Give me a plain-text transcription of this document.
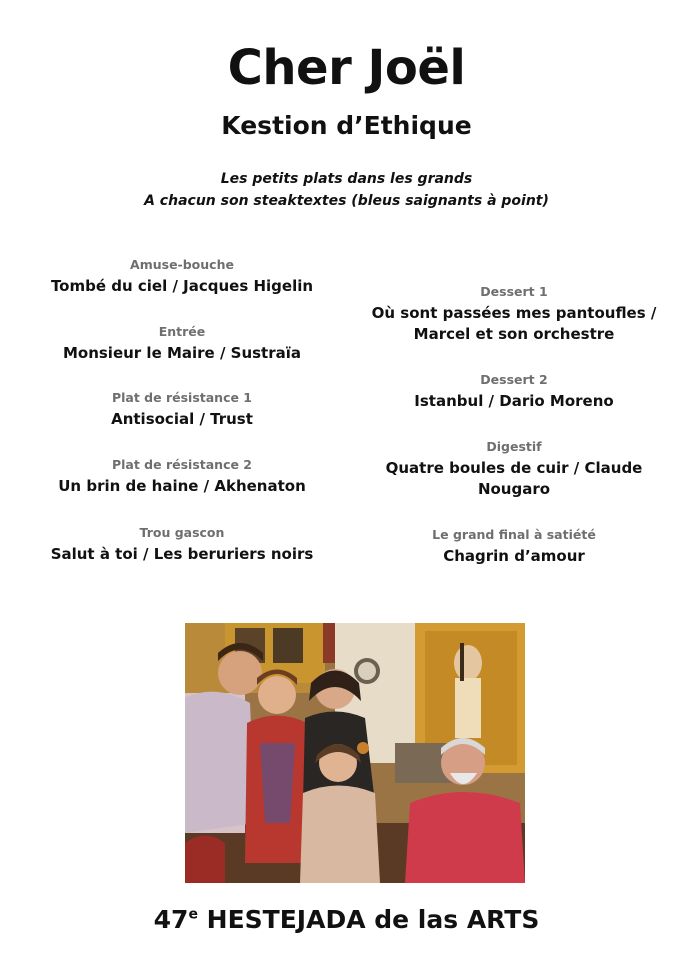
Cher Joël
Kestion d’Ethique
Les petits plats dans les grands
A chacun son steaktextes (bleus saignants à point)
Amuse-bouche
Tombé du ciel / Jacques Higelin
Entrée
Monsieur le Maire / Sustraïa
Plat de résistance 1
Antisocial / Trust
Plat de résistance 2
Un brin de haine / Akhenaton
Trou gascon
Salut à toi / Les beruriers noirs
Dessert 1
Où sont passées mes pantoufles /
Marcel et son orchestre
Dessert 2
Istanbul / Dario Moreno
Digestif
Quatre boules de cuir / Claude
Nougaro
Le grand final à satiété
Chagrin d’amour
47e HESTEJADA de las ARTS
